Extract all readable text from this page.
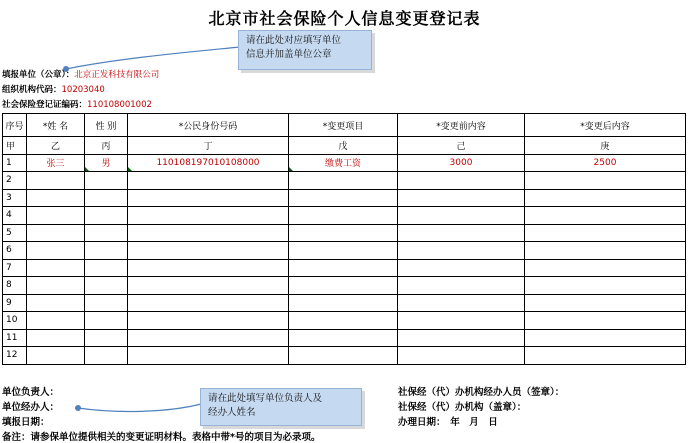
北京市社会保险个人信息变更登记表
请在此处对应填写单位
信息并加盖单位公章
填报单位（公章）：北京正发科技有限公司
组织机构代码：10203040
社会保险登记证编码：110108001002
序号	*姓 名	性 别	*公民身份号码	*变更项目	*变更前内容	*变更后内容
甲	乙	丙	丁	戊	己	庚
1	张三	男	110108197010108000	缴费工资	3000	2500
2						
3						
4						
5						
6						
7						
8						
9						
10						
11						
12						
请在此处填写单位负责人及
经办人姓名
单位负责人：
单位经办人：
填报日期：
备注：请参保单位提供相关的变更证明材料。表格中带*号的项目为必录项。
社保经（代）办机构经办人员（签章）：
社保经（代）办机构（盖章）：
办理日期：　年　月　日
